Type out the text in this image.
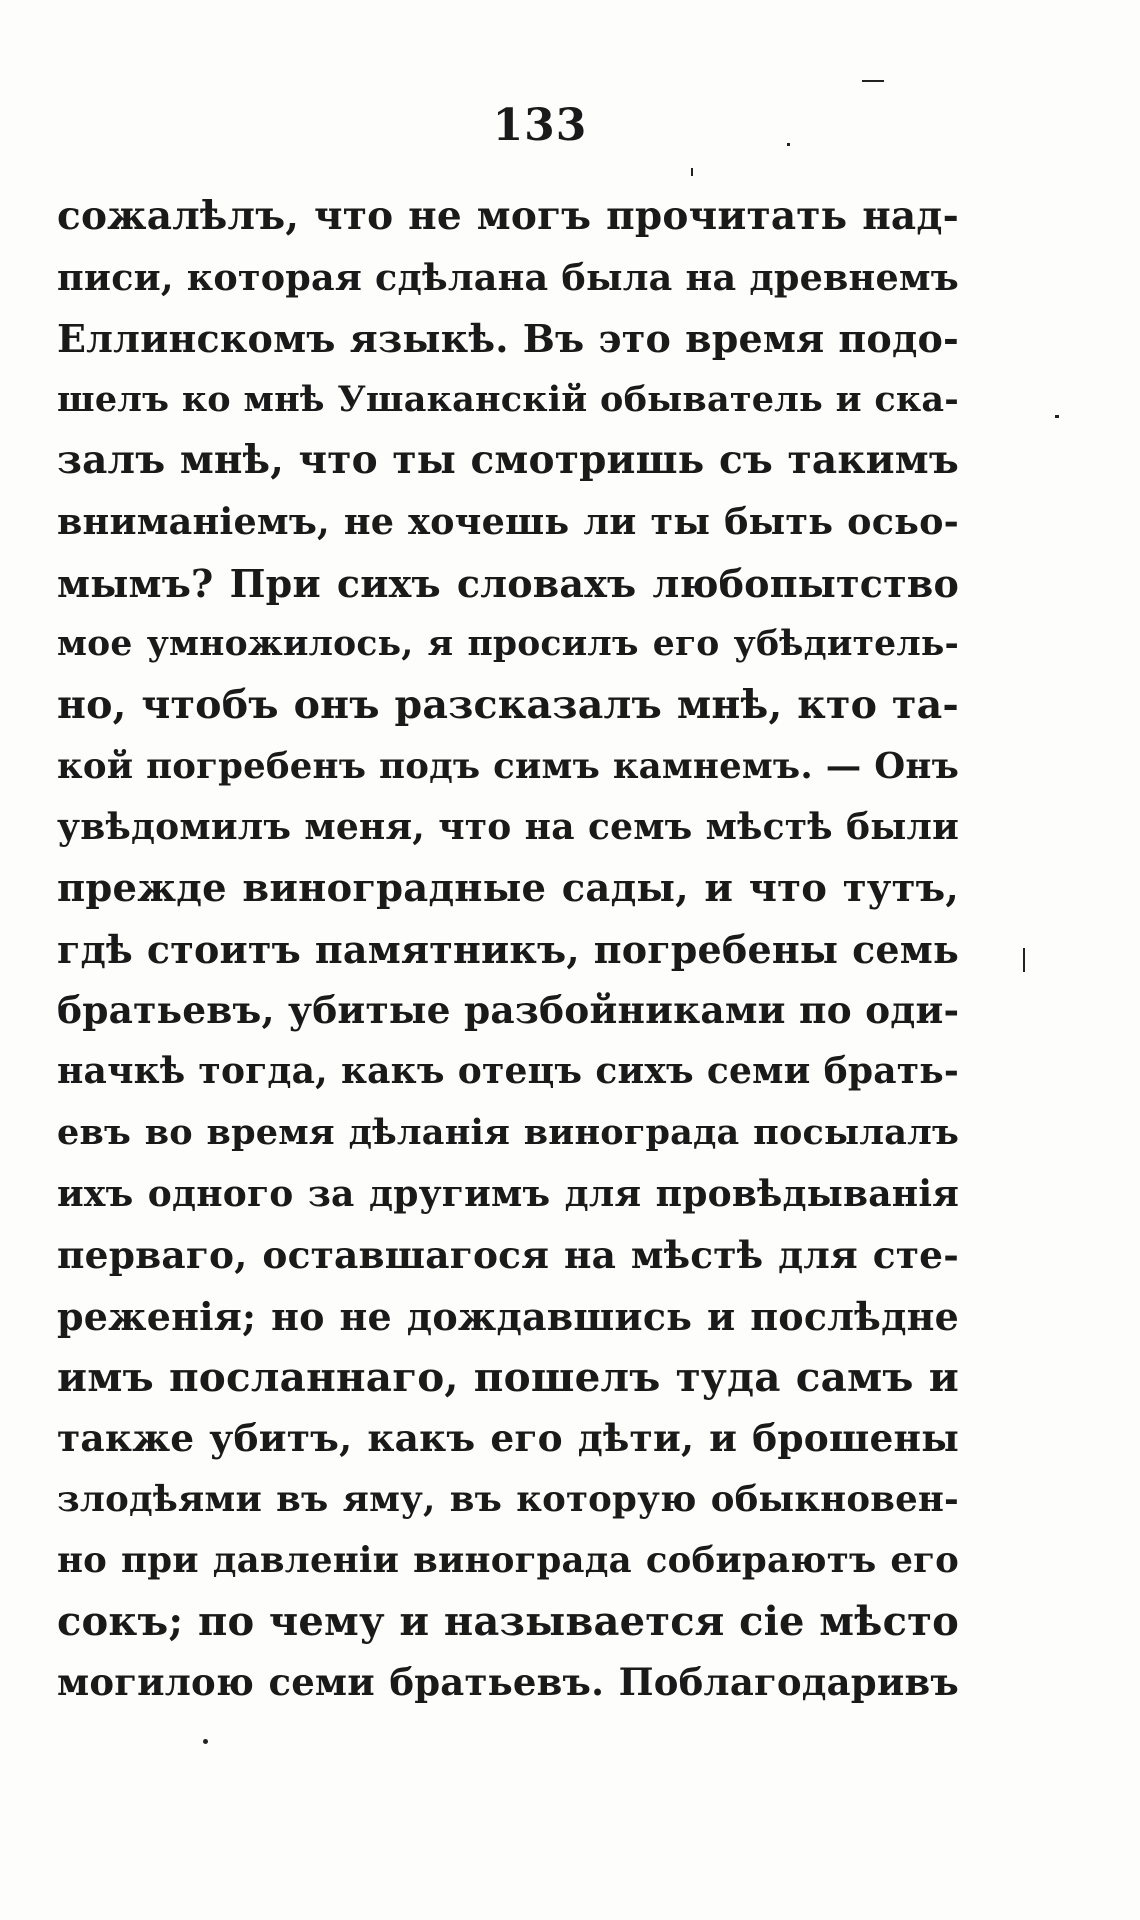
133
сожалѣлъ, что не могъ прочитать над-
писи, которая сдѣлана была на древнемъ
Еллинскомъ языкѣ. Въ это время подо-
шелъ ко мнѣ Ушаканскій обыватель и ска-
залъ мнѣ, что ты смотришь съ такимъ
вниманіемъ, не хочешь ли ты быть осьо-
мымъ? При сихъ словахъ любопытство
мое умножилось, я просилъ его убѣдитель-
но, чтобъ онъ разсказалъ мнѣ, кто та-
кой погребенъ подъ симъ камнемъ. — Онъ
увѣдомилъ меня, что на семъ мѣстѣ были
прежде виноградные сады, и что тутъ,
гдѣ стоитъ памятникъ, погребены семь
братьевъ, убитые разбойниками по оди-
начкѣ тогда, какъ отецъ сихъ семи брать-
евъ во время дѣланія винограда посылалъ
ихъ одного за другимъ для провѣдыванія
перваго, оставшагося на мѣстѣ для сте-
реженія; но не дождавшись и послѣдне
имъ посланнаго, пошелъ туда самъ и
также убитъ, какъ его дѣти, и брошены
злодѣями въ яму, въ которую обыкновен-
но при давленіи винограда собираютъ его
сокъ; по чему и называется сіе мѣсто
могилою семи братьевъ. Поблагодаривъ
